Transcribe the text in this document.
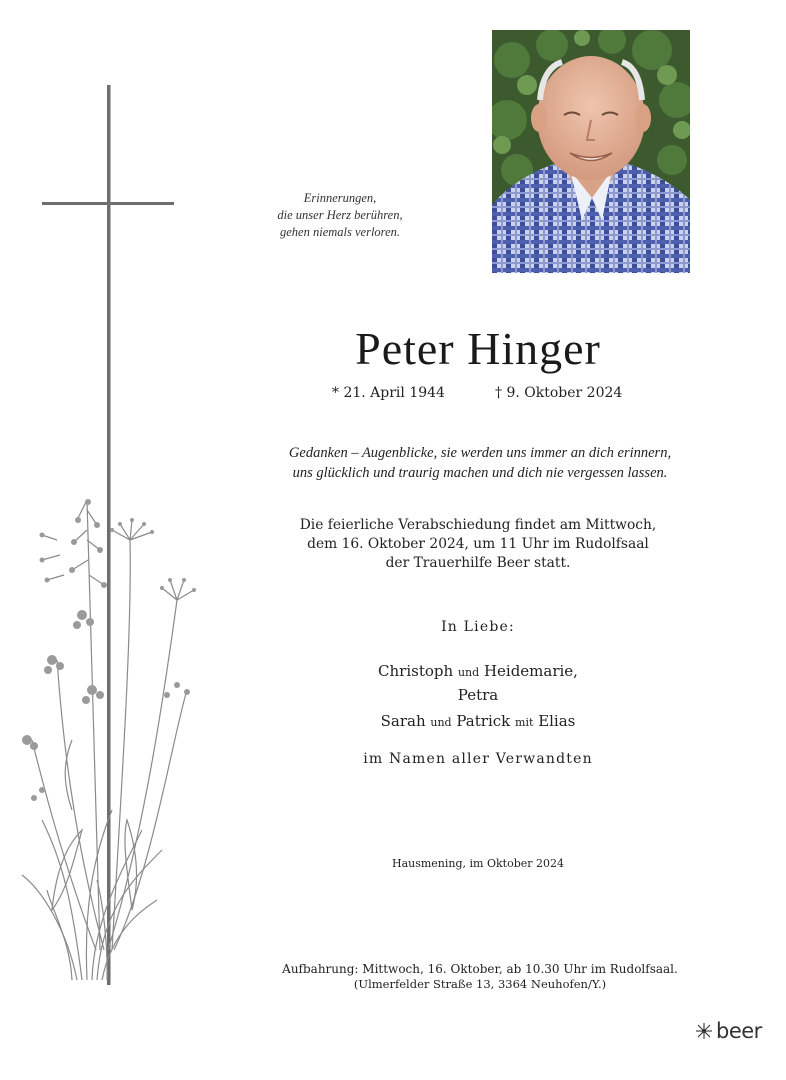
Erinnerungen,
die unser Herz berühren,
gehen niemals verloren.
Peter Hinger
* 21. April 1944	† 9. Oktober 2024
Gedanken – Augenblicke, sie werden uns immer an dich erinnern,
uns glücklich und traurig machen und dich nie vergessen lassen.
Die feierliche Verabschiedung findet am Mittwoch,
dem 16. Oktober 2024, um 11 Uhr im Rudolfsaal
der Trauerhilfe Beer statt.
In Liebe:
Christoph und Heidemarie,
Petra
Sarah und Patrick mit Elias
im Namen aller Verwandten
Hausmening, im Oktober 2024
Aufbahrung: Mittwoch, 16. Oktober, ab 10.30 Uhr im Rudolfsaal.
(Ulmerfelder Straße 13, 3364 Neuhofen/Y.)
beer
